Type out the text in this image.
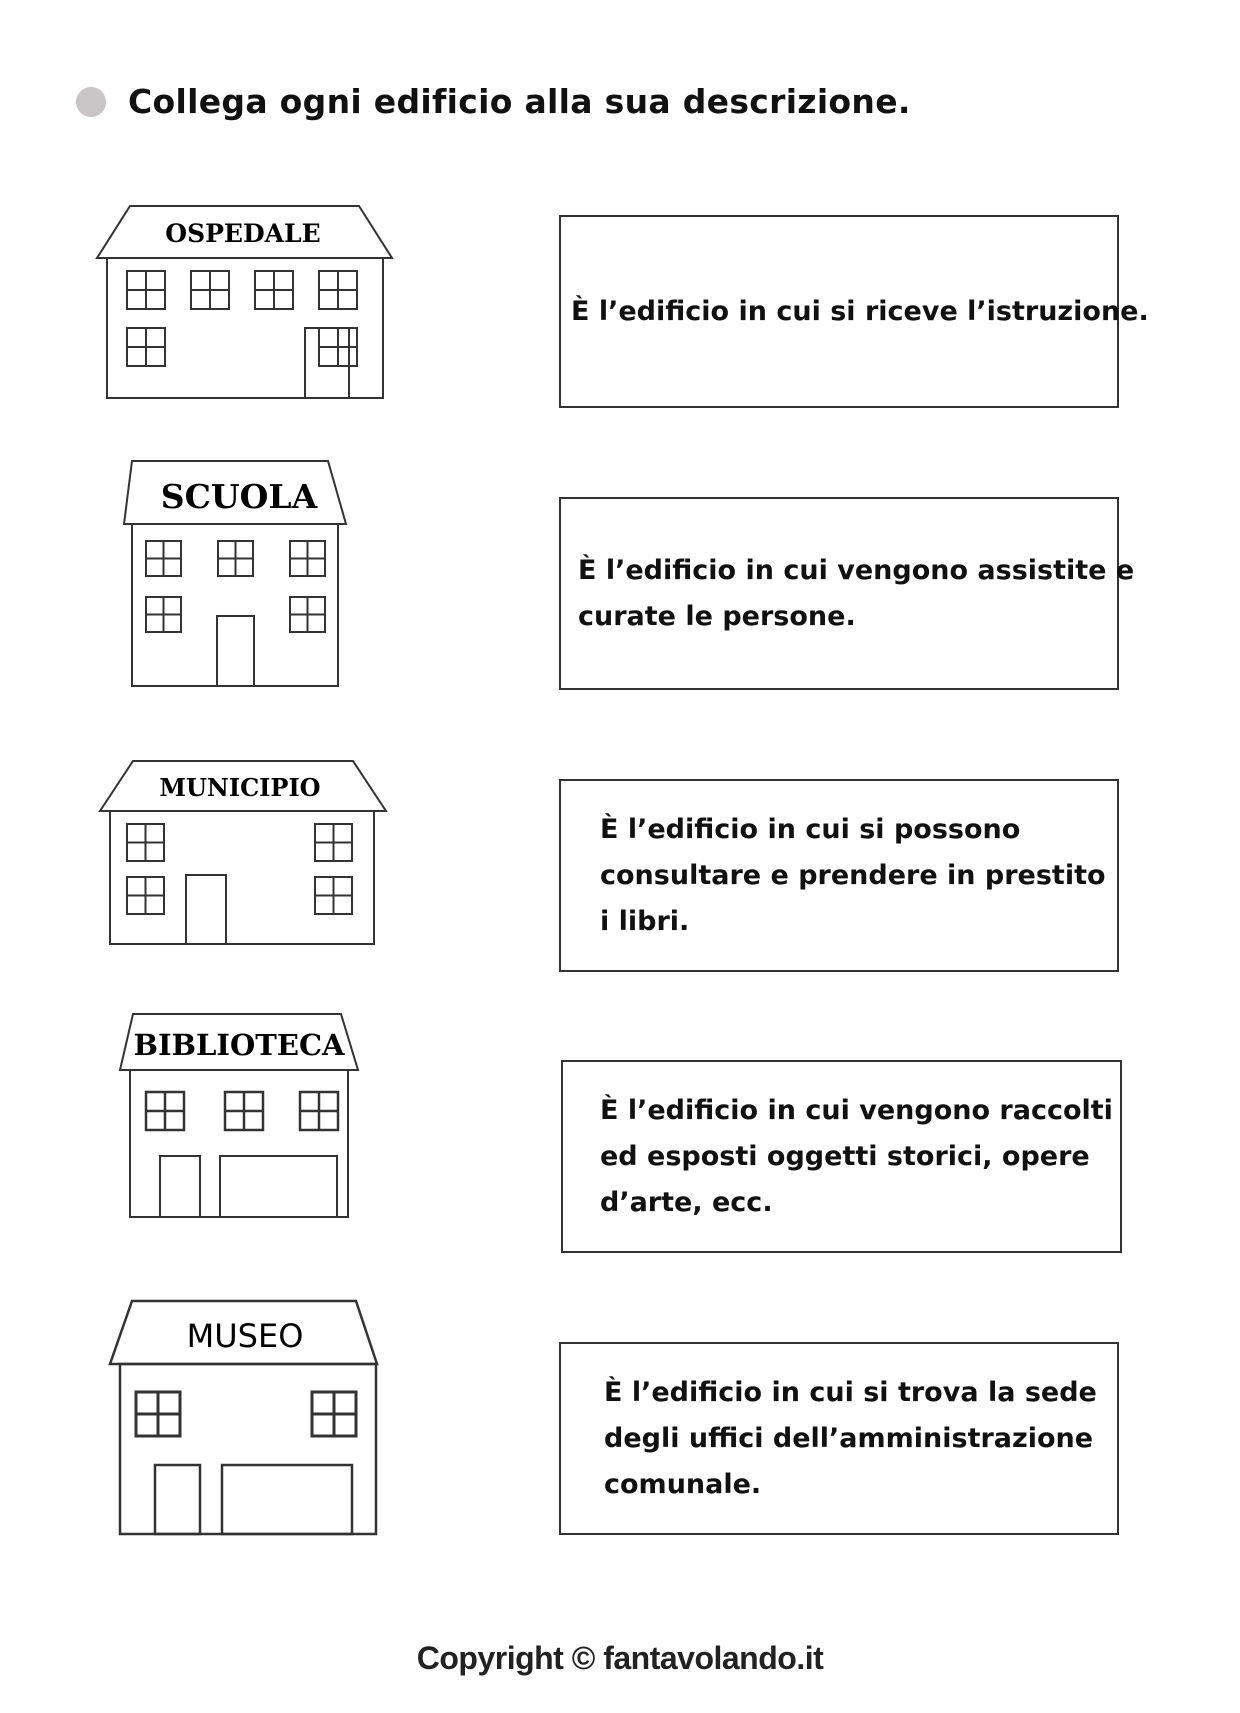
Collega ogni edificio alla sua descrizione.
OSPEDALE
SCUOLA
MUNICIPIO
BIBLIOTECA
MUSEO
È l’edificio in cui si riceve l’istruzione.
È l’edificio in cui vengono assistite e
curate le persone.
È l’edificio in cui si possono
consultare e prendere in prestito
i libri.
È l’edificio in cui vengono raccolti
ed esposti oggetti storici, opere
d’arte, ecc.
È l’edificio in cui si trova la sede
degli uffici dell’amministrazione
comunale.
Copyright © fantavolando.it
